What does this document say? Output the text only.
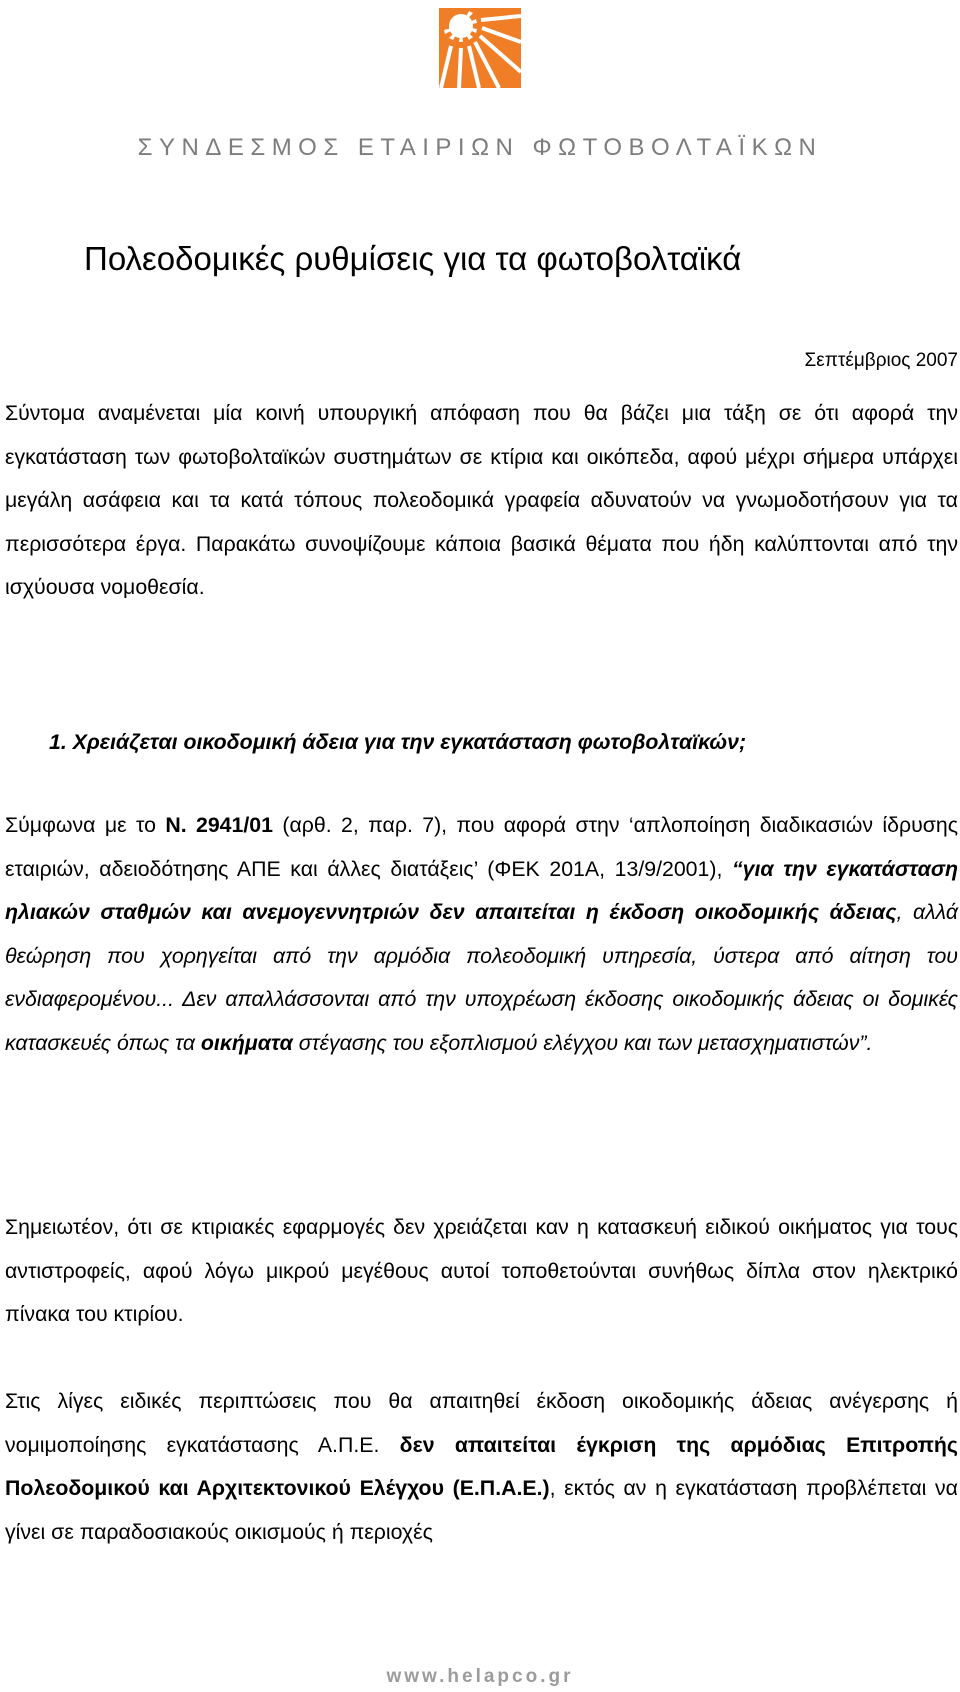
ΣΥΝΔΕΣΜΟΣ ΕΤΑΙΡΙΩΝ ΦΩΤΟΒΟΛΤΑΪΚΩΝ
Πολεοδομικές ρυθμίσεις για τα φωτοβολταϊκά
Σεπτέμβριος 2007

Σύντομα αναμένεται μία κοινή υπουργική απόφαση που θα βάζει μια τάξη σε ότι αφορά την εγκατάσταση των φωτοβολταϊκών συστημάτων σε κτίρια και οικόπεδα, αφού μέχρι σήμερα υπάρχει μεγάλη ασάφεια και τα κατά τόπους πολεοδομικά γραφεία αδυνατούν να γνωμοδοτήσουν για τα περισσότερα έργα. Παρακάτω συνοψίζουμε κάποια βασικά θέματα που ήδη καλύπτονται από την ισχύουσα νομοθεσία.

1. Χρειάζεται οικοδομική άδεια για την εγκατάσταση φωτοβολταϊκών;

Σύμφωνα με το Ν. 2941/01 (αρθ. 2, παρ. 7), που αφορά στην ‘απλοποίηση διαδικασιών ίδρυσης εταιριών, αδειοδότησης ΑΠΕ και άλλες διατάξεις’ (ΦΕΚ 201Α, 13/9/2001), “για την εγκατάσταση ηλιακών σταθμών και ανεμογεννητριών δεν απαιτείται η έκδοση οικοδομικής άδειας, αλλά θεώρηση που χορηγείται από την αρμόδια πολεοδομική υπηρεσία, ύστερα από αίτηση του ενδιαφερομένου... Δεν απαλλάσσονται από την υποχρέωση έκδοσης οικοδομικής άδειας οι δομικές κατασκευές όπως τα οικήματα στέγασης του εξοπλισμού ελέγχου και των μετασχηματιστών”.

Σημειωτέον, ότι σε κτιριακές εφαρμογές δεν χρειάζεται καν η κατασκευή ειδικού οικήματος για τους αντιστροφείς, αφού λόγω μικρού μεγέθους αυτοί τοποθετούνται συνήθως δίπλα στον ηλεκτρικό πίνακα του κτιρίου.

Στις λίγες ειδικές περιπτώσεις που θα απαιτηθεί έκδοση οικοδομικής άδειας ανέγερσης ή νομιμοποίησης εγκατάστασης Α.Π.Ε. δεν απαιτείται έγκριση της αρμόδιας Επιτροπής Πολεοδομικού και Αρχιτεκτονικού Ελέγχου (Ε.Π.Α.Ε.), εκτός αν η εγκατάσταση προβλέπεται να γίνει σε παραδοσιακούς οικισμούς ή περιοχές

www.helapco.gr
